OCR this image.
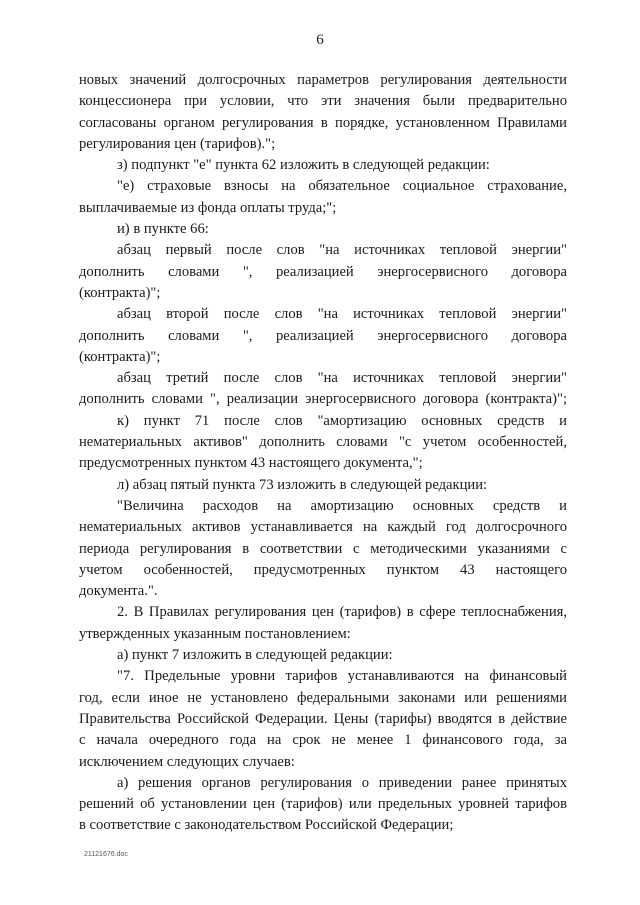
6
новых значений долгосрочных параметров регулирования деятельности
концессионера при условии, что эти значения были предварительно
согласованы органом регулирования в порядке, установленном Правилами
регулирования цен (тарифов).";
з) подпункт "е" пункта 62 изложить в следующей редакции:
"е) страховые взносы на обязательное социальное страхование,
выплачиваемые из фонда оплаты труда;";
и) в пункте 66:
абзац первый после слов "на источниках тепловой энергии"
дополнить словами ", реализацией энергосервисного договора
(контракта)";
абзац второй после слов "на источниках тепловой энергии"
дополнить словами ", реализацией энергосервисного договора
(контракта)";
абзац третий после слов "на источниках тепловой энергии"
дополнить словами ", реализации энергосервисного договора (контракта)";
к) пункт 71 после слов "амортизацию основных средств и
нематериальных активов" дополнить словами "с учетом особенностей,
предусмотренных пунктом 43 настоящего документа,";
л) абзац пятый пункта 73 изложить в следующей редакции:
"Величина расходов на амортизацию основных средств и
нематериальных активов устанавливается на каждый год долгосрочного
периода регулирования в соответствии с методическими указаниями с
учетом особенностей, предусмотренных пунктом 43 настоящего
документа.".
2. В Правилах регулирования цен (тарифов) в сфере теплоснабжения,
утвержденных указанным постановлением:
а) пункт 7 изложить в следующей редакции:
"7. Предельные уровни тарифов устанавливаются на финансовый
год, если иное не установлено федеральными законами или решениями
Правительства Российской Федерации. Цены (тарифы) вводятся в действие
с начала очередного года на срок не менее 1 финансового года, за
исключением следующих случаев:
а) решения органов регулирования о приведении ранее принятых
решений об установлении цен (тарифов) или предельных уровней тарифов
в соответствие с законодательством Российской Федерации;
21121676.doc
